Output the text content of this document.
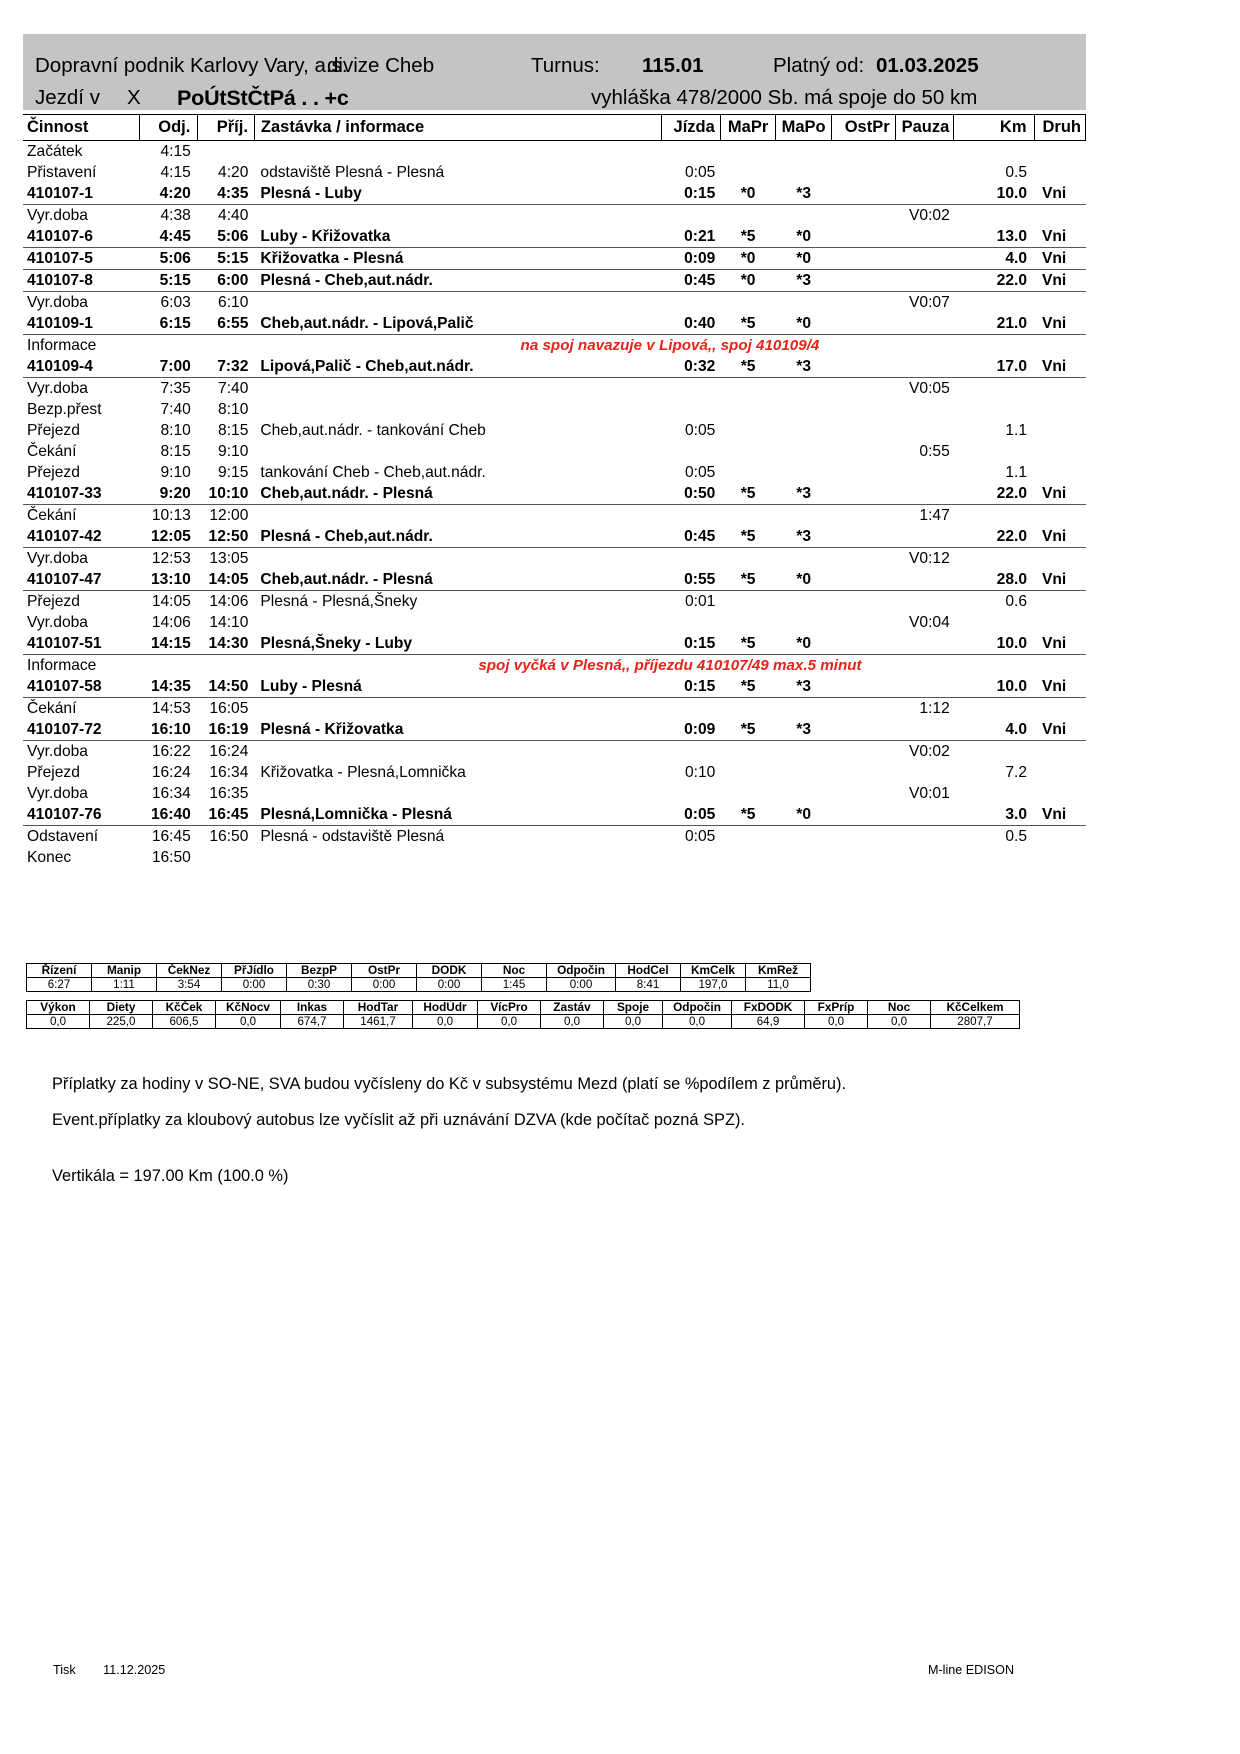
Dopravní podnik Karlovy Vary, a.s.
divize Cheb	Turnus: 115.01	Platný od: 01.03.2025
Jezdí v X PoÚtStČtPá . . +c	vyhláška 478/2000 Sb. má spoje do 50 km
Činnost	Odj.	Příj.	Zastávka / informace	Jízda	MaPr	MaPo	OstPr	Pauza	Km	Druh
Začátek	4:15									
Přistavení	4:15	4:20	odstaviště Plesná - Plesná	0:05					0.5	
410107-1	4:20	4:35	Plesná - Luby	0:15	*0	*3			10.0	Vni
Vyr.doba	4:38	4:40						V0:02		
410107-6	4:45	5:06	Luby - Křižovatka	0:21	*5	*0			13.0	Vni
410107-5	5:06	5:15	Křižovatka - Plesná	0:09	*0	*0			4.0	Vni
410107-8	5:15	6:00	Plesná - Cheb,aut.nádr.	0:45	*0	*3			22.0	Vni
Vyr.doba	6:03	6:10						V0:07		
410109-1	6:15	6:55	Cheb,aut.nádr. - Lipová,Palič	0:40	*5	*0			21.0	Vni
Informace			na spoj navazuje v Lipová,, spoj 410109/4							
410109-4	7:00	7:32	Lipová,Palič - Cheb,aut.nádr.	0:32	*5	*3			17.0	Vni
Vyr.doba	7:35	7:40						V0:05		
Bezp.přest	7:40	8:10								
Přejezd	8:10	8:15	Cheb,aut.nádr. - tankování Cheb	0:05					1.1	
Čekání	8:15	9:10						0:55		
Přejezd	9:10	9:15	tankování Cheb - Cheb,aut.nádr.	0:05					1.1	
410107-33	9:20	10:10	Cheb,aut.nádr. - Plesná	0:50	*5	*3			22.0	Vni
Čekání	10:13	12:00						1:47		
410107-42	12:05	12:50	Plesná - Cheb,aut.nádr.	0:45	*5	*3			22.0	Vni
Vyr.doba	12:53	13:05						V0:12		
410107-47	13:10	14:05	Cheb,aut.nádr. - Plesná	0:55	*5	*0			28.0	Vni
Přejezd	14:05	14:06	Plesná - Plesná,Šneky	0:01					0.6	
Vyr.doba	14:06	14:10						V0:04		
410107-51	14:15	14:30	Plesná,Šneky - Luby	0:15	*5	*0			10.0	Vni
Informace			spoj vyčká v Plesná,, příjezdu 410107/49 max.5 minut							
410107-58	14:35	14:50	Luby - Plesná	0:15	*5	*3			10.0	Vni
Čekání	14:53	16:05						1:12		
410107-72	16:10	16:19	Plesná - Křižovatka	0:09	*5	*3			4.0	Vni
Vyr.doba	16:22	16:24						V0:02		
Přejezd	16:24	16:34	Křižovatka - Plesná,Lomnička	0:10					7.2	
Vyr.doba	16:34	16:35						V0:01		
410107-76	16:40	16:45	Plesná,Lomnička - Plesná	0:05	*5	*0			3.0	Vni
Odstavení	16:45	16:50	Plesná - odstaviště Plesná	0:05					0.5	
Konec	16:50									
Řízení	Manip	ČekNez	PřJídlo	BezpP	OstPr	DODK	Noc	Odpočin	HodCel	KmCelk	KmRež
6:27	1:11	3:54	0:00	0:30	0:00	0:00	1:45	0:00	8:41	197,0	11,0
Výkon	Diety	KčČek	KčNocv	Inkas	HodTar	HodÚdr	VícPro	Zastáv	Spoje	Odpočin	FxDODK	FxPríp	Noc	KčCelkem
0,0	225,0	606,5	0,0	674,7	1461,7	0,0	0,0	0,0	0,0	0,0	64,9	0,0	0,0	2807,7
Příplatky za hodiny v SO-NE, SVA budou vyčísleny do Kč v subsystému Mezd (platí se %podílem z průměru).
Event.příplatky za kloubový autobus lze vyčíslit až při uznávání DZVA (kde počítač pozná SPZ).
Vertikála = 197.00 Km (100.0 %)
Tisk 11.12.2025	M-line EDISON
